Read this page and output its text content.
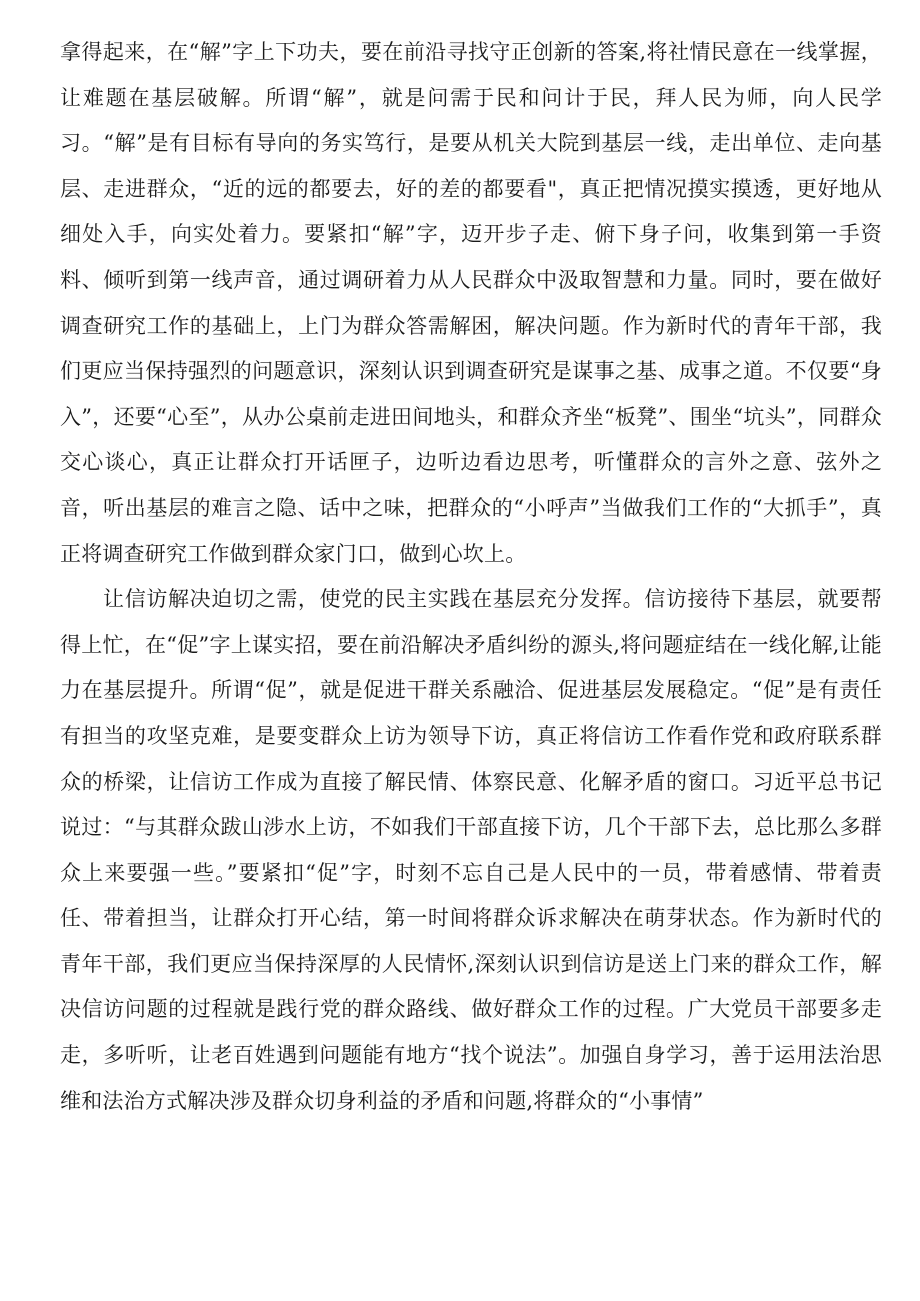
拿得起来，在“解”字上下功夫，要在前沿寻找守正创新的答案,将社情民意在一线掌握，让难题在基层破解。所谓“解”，就是问需于民和问计于民，拜人民为师，向人民学习。“解”是有目标有导向的务实笃行，是要从机关大院到基层一线，走出单位、走向基层、走进群众，“近的远的都要去，好的差的都要看"，真正把情况摸实摸透，更好地从细处入手，向实处着力。要紧扣“解”字，迈开步子走、俯下身子问，收集到第一手资料、倾听到第一线声音，通过调研着力从人民群众中汲取智慧和力量。同时，要在做好调查研究工作的基础上，上门为群众答需解困，解决问题。作为新时代的青年干部，我们更应当保持强烈的问题意识，深刻认识到调查研究是谋事之基、成事之道。不仅要“身入”，还要“心至”，从办公桌前走进田间地头，和群众齐坐“板凳”、围坐“坑头”，同群众交心谈心，真正让群众打开话匣子，边听边看边思考，听懂群众的言外之意、弦外之音，听出基层的难言之隐、话中之味，把群众的“小呼声”当做我们工作的“大抓手”，真正将调查研究工作做到群众家门口，做到心坎上。

让信访解决迫切之需，使党的民主实践在基层充分发挥。信访接待下基层，就要帮得上忙，在“促”字上谋实招，要在前沿解决矛盾纠纷的源头,将问题症结在一线化解,让能力在基层提升。所谓“促”，就是促进干群关系融洽、促进基层发展稳定。“促”是有责任有担当的攻坚克难，是要变群众上访为领导下访，真正将信访工作看作党和政府联系群众的桥梁，让信访工作成为直接了解民情、体察民意、化解矛盾的窗口。习近平总书记说过：“与其群众跋山涉水上访，不如我们干部直接下访，几个干部下去，总比那么多群众上来要强一些。”要紧扣“促”字，时刻不忘自己是人民中的一员，带着感情、带着责任、带着担当，让群众打开心结，第一时间将群众诉求解决在萌芽状态。作为新时代的青年干部，我们更应当保持深厚的人民情怀,深刻认识到信访是送上门来的群众工作，解决信访问题的过程就是践行党的群众路线、做好群众工作的过程。广大党员干部要多走走，多听听，让老百姓遇到问题能有地方“找个说法”。加强自身学习，善于运用法治思维和法治方式解决涉及群众切身利益的矛盾和问题,将群众的“小事情”
